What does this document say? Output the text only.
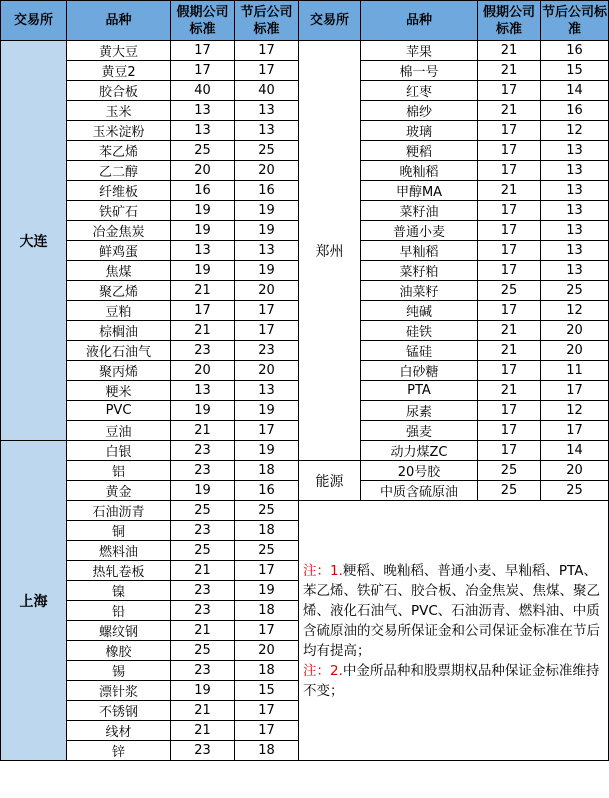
交易所	品种	假期公司标准	节后公司标准	交易所	品种	假期公司标准	节后公司标准
大连	黄大豆	17	17	郑州	苹果	21	16
	黄豆2	17	17		棉一号	21	15
	胶合板	40	40		红枣	17	14
	玉米	13	13		棉纱	21	16
	玉米淀粉	13	13		玻璃	17	12
	苯乙烯	25	25		粳稻	17	13
	乙二醇	20	20		晚籼稻	17	13
	纤维板	16	16		甲醇MA	21	13
	铁矿石	19	19		菜籽油	17	13
	冶金焦炭	19	19		普通小麦	17	13
	鲜鸡蛋	13	13		早籼稻	17	13
	焦煤	19	19		菜籽粕	17	13
	聚乙烯	21	20		油菜籽	25	25
	豆粕	17	17		纯碱	17	12
	棕榈油	21	17		硅铁	21	20
	液化石油气	23	23		锰硅	21	20
	聚丙烯	20	20		白砂糖	17	11
	粳米	13	13		PTA	21	17
	PVC	19	19		尿素	17	12
	豆油	21	17		强麦	17	17
上海	白银	23	19		动力煤ZC	17	14
	铝	23	18	能源	20号胶	25	20
	黄金	19	16		中质含硫原油	25	25
	石油沥青	25	25	注：1.粳稻、晚籼稻、普通小麦、早籼稻、PTA、苯乙烯、铁矿石、胶合板、冶金焦炭、焦煤、聚乙烯、液化石油气、PVC、石油沥青、燃料油、中质含硫原油的交易所保证金和公司保证金标准在节后均有提高；
注：2.中金所品种和股票期权品种保证金标准维持不变；			
	铜	23	18				
	燃料油	25	25				
	热轧卷板	21	17				
	镍	23	19				
	铅	23	18				
	螺纹钢	21	17				
	橡胶	25	20				
	锡	23	18				
	漂针浆	19	15				
	不锈钢	21	17				
	线材	21	17				
	锌	23	18				
